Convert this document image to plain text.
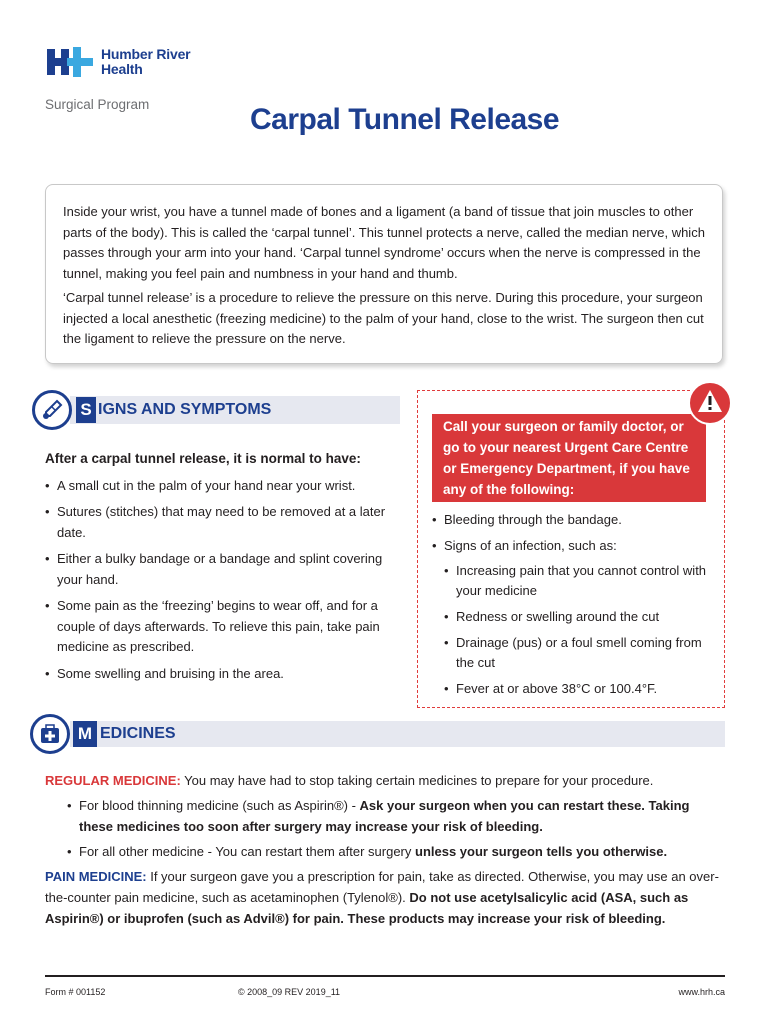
Humber River
Health
Surgical Program	Carpal Tunnel Release

Inside your wrist, you have a tunnel made of bones and a ligament (a band of tissue that join muscles to other parts of the body). This is called the ‘carpal tunnel’. This tunnel protects a nerve, called the median nerve, which passes through your arm into your hand. ‘Carpal tunnel syndrome’ occurs when the nerve is compressed in the tunnel, making you feel pain and numbness in your hand and thumb.

‘Carpal tunnel release’ is a procedure to relieve the pressure on this nerve. During this procedure, your surgeon injected a local anesthetic (freezing medicine) to the palm of your hand, close to the wrist. The surgeon then cut the ligament to relieve the pressure on the nerve.

S IGNS AND SYMPTOMS
After a carpal tunnel release, it is normal to have:
• A small cut in the palm of your hand near your wrist.
• Sutures (stitches) that may need to be removed at a later date.
• Either a bulky bandage or a bandage and splint covering your hand.
• Some pain as the ‘freezing’ begins to wear off, and for a couple of days afterwards. To relieve this pain, take pain medicine as prescribed.
• Some swelling and bruising in the area.
Call your surgeon or family doctor, or go to your nearest Urgent Care Centre or Emergency Department, if you have any of the following:
• Bleeding through the bandage.
• Signs of an infection, such as:
• Increasing pain that you cannot control with your medicine
• Redness or swelling around the cut
• Drainage (pus) or a foul smell coming from the cut
• Fever at or above 38°C or 100.4°F.
M EDICINES

REGULAR MEDICINE: You may have had to stop taking certain medicines to prepare for your procedure.

• For blood thinning medicine (such as Aspirin®) - Ask your surgeon when you can restart these. Taking these medicines too soon after surgery may increase your risk of bleeding.
• For all other medicine - You can restart them after surgery unless your surgeon tells you otherwise.

PAIN MEDICINE: If your surgeon gave you a prescription for pain, take as directed. Otherwise, you may use an over-the-counter pain medicine, such as acetaminophen (Tylenol®). Do not use acetylsalicylic acid (ASA, such as Aspirin®) or ibuprofen (such as Advil®) for pain. These products may increase your risk of bleeding.

Form # 001152	© 2008_09 REV 2019_11	www.hrh.ca
